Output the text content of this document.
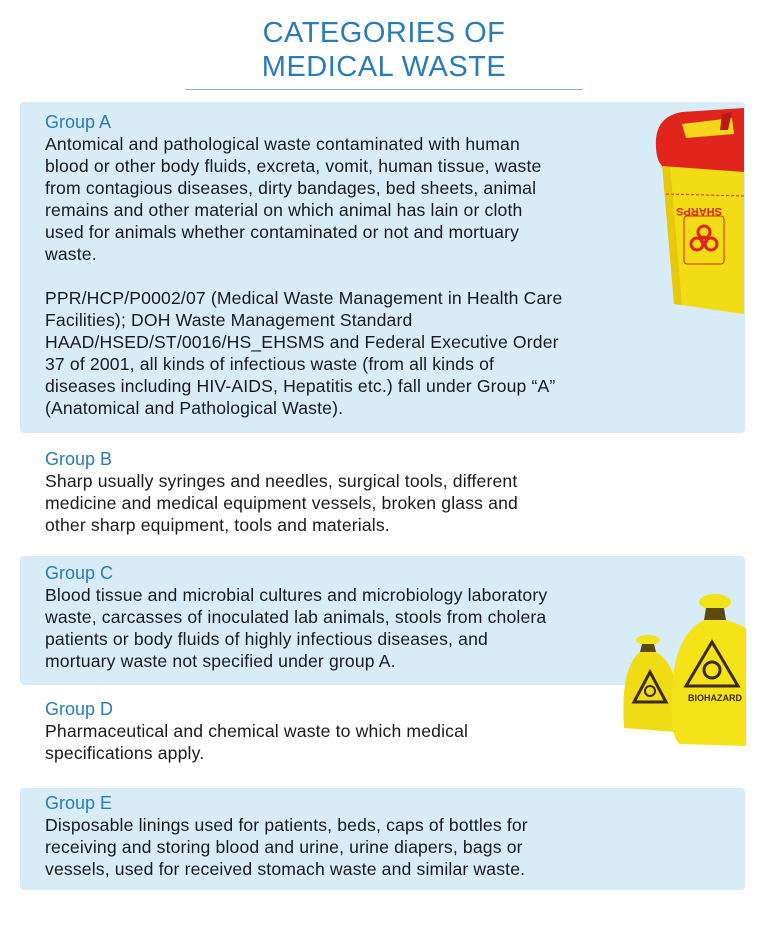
CATEGORIES OF
MEDICAL WASTE
Group A

Antomical and pathological waste contaminated with human

blood or other body fluids, excreta, vomit, human tissue, waste

from contagious diseases, dirty bandages, bed sheets, animal

remains and other material on which animal has lain or cloth

used for animals whether contaminated or not and mortuary

waste.

PPR/HCP/P0002/07 (Medical Waste Management in Health Care

Facilities); DOH Waste Management Standard

HAAD/HSED/ST/0016/HS_EHSMS and Federal Executive Order

37 of 2001, all kinds of infectious waste (from all kinds of

diseases including HIV-AIDS, Hepatitis etc.) fall under Group “A”

(Anatomical and Pathological Waste).

Group B

Sharp usually syringes and needles, surgical tools, different

medicine and medical equipment vessels, broken glass and

other sharp equipment, tools and materials.

Group C

Blood tissue and microbial cultures and microbiology laboratory

waste, carcasses of inoculated lab animals, stools from cholera

patients or body fluids of highly infectious diseases, and

mortuary waste not specified under group A.

Group D

Pharmaceutical and chemical waste to which medical

specifications apply.

Group E

Disposable linings used for patients, beds, caps of bottles for

receiving and storing blood and urine, urine diapers, bags or

vessels, used for received stomach waste and similar waste.

SHARPS
BIOHAZARD
